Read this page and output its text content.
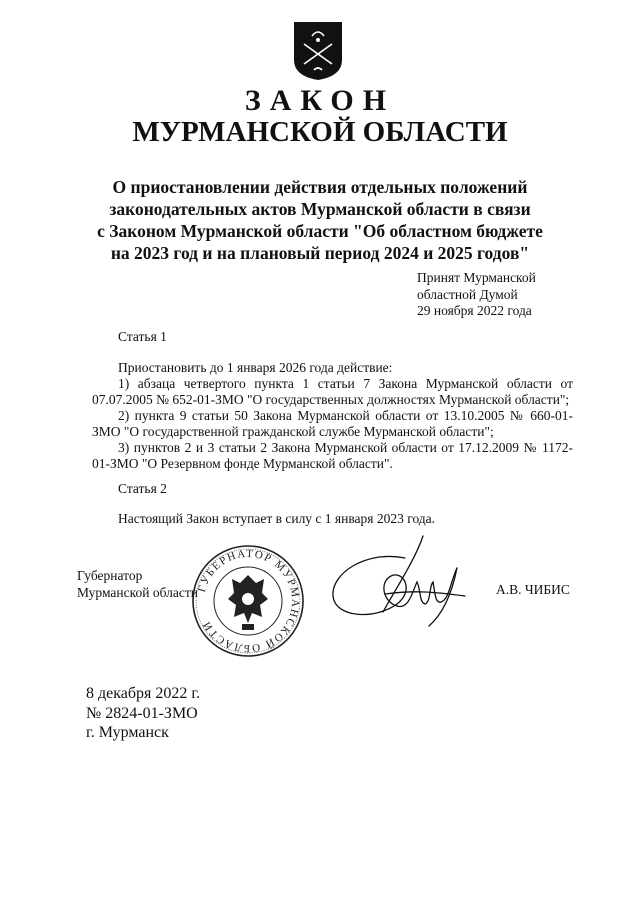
ЗАКОН
МУРМАНСКОЙ ОБЛАСТИ
О приостановлении действия отдельных положений
законодательных актов Мурманской области в связи
с Законом Мурманской области "Об областном бюджете
на 2023 год и на плановый период 2024 и 2025 годов"
Принят Мурманской
областной Думой
29 ноября 2022 года
Статья 1
Приостановить до 1 января 2026 года действие:
1) абзаца четвертого пункта 1 статьи 7 Закона Мурманской области от 07.07.2005 № 652-01-ЗМО "О государственных должностях Мурманской области";
2) пункта 9 статьи 50 Закона Мурманской области от 13.10.2005 № 660-01-ЗМО "О государственной гражданской службе Мурманской области";
3) пунктов 2 и 3 статьи 2 Закона Мурманской области от 17.12.2009 № 1172-01-ЗМО "О Резервном фонде Мурманской области".
Статья 2
Настоящий Закон вступает в силу с 1 января 2023 года.
Губернатор
Мурманской области
ГУБЕРНАТОР МУРМАНСКОЙ ОБЛАСТИ
А.В. ЧИБИС
8 декабря 2022 г.
№ 2824-01-ЗМО
г. Мурманск
